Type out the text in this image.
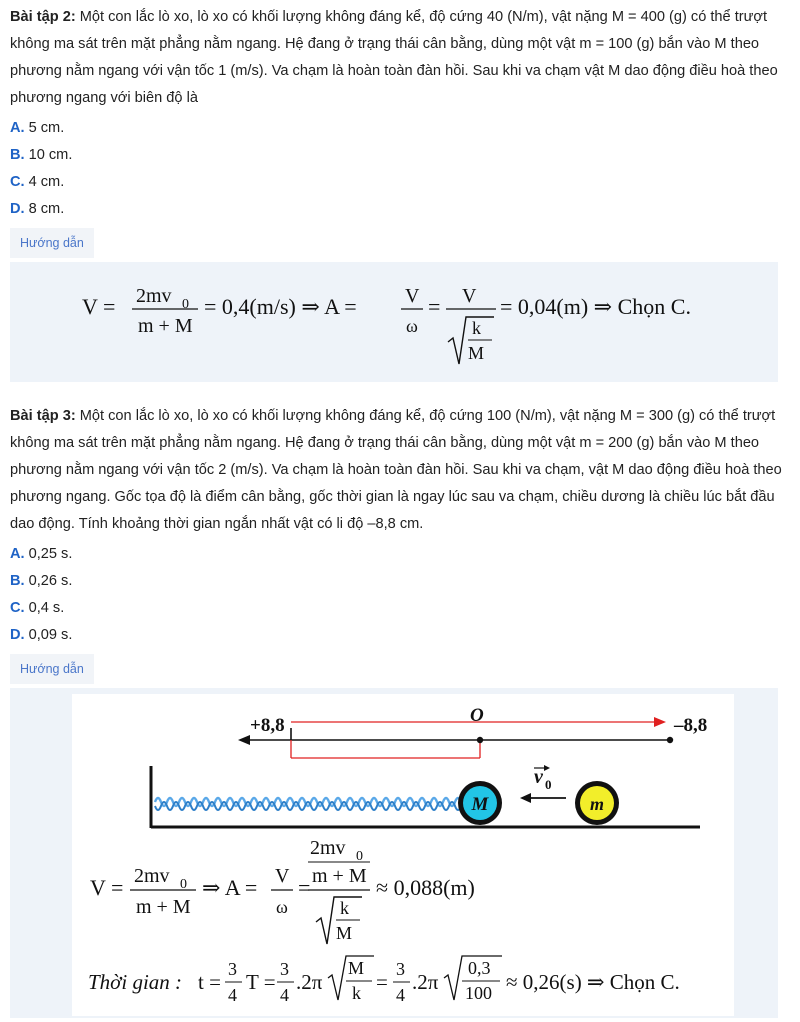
Bài tập 2: Một con lắc lò xo, lò xo có khối lượng không đáng kể, độ cứng 40 (N/m), vật nặng M = 400 (g) có thể trượt không ma sát trên mặt phẳng nằm ngang. Hệ đang ở trạng thái cân bằng, dùng một vật m = 100 (g) bắn vào M theo phương nằm ngang với vận tốc 1 (m/s). Va chạm là hoàn toàn đàn hồi. Sau khi va chạm vật M dao động điều hoà theo phương ngang với biên độ là
A. 5 cm.
B. 10 cm.
C. 4 cm.
D. 8 cm.
Hướng dẫn
V = 2mv 0
m + M
= 0,4(m/s) ⇒ A = V
ω
= V
k
M
= 0,04(m) ⇒ Chọn C.
Bài tập 3: Một con lắc lò xo, lò xo có khối lượng không đáng kể, độ cứng 100 (N/m), vật nặng M = 300 (g) có thể trượt không ma sát trên mặt phẳng nằm ngang. Hệ đang ở trạng thái cân bằng, dùng một vật m = 200 (g) bắn vào M theo phương nằm ngang với vận tốc 2 (m/s). Va chạm là hoàn toàn đàn hồi. Sau khi va chạm, vật M dao động điều hoà theo phương ngang. Gốc tọa độ là điểm cân bằng, gốc thời gian là ngay lúc sau va chạm, chiều dương là chiều lúc bắt đầu dao động. Tính khoảng thời gian ngắn nhất vật có li độ –8,8 cm.
A. 0,25 s.
B. 0,26 s.
C. 0,4 s.
D. 0,09 s.
Hướng dẫn
+8,8	O	–8,8
M	m
v 0
V = 2mv 0
m + M
⇒ A = V
ω
=
2mv 0
m + M
k
M
≈ 0,088(m)
Thời gian : t =
3
4
T =
3
4
.2π
M
k =
3
4
.2π
0,3
100 ≈ 0,26(s) ⇒ Chọn C.
